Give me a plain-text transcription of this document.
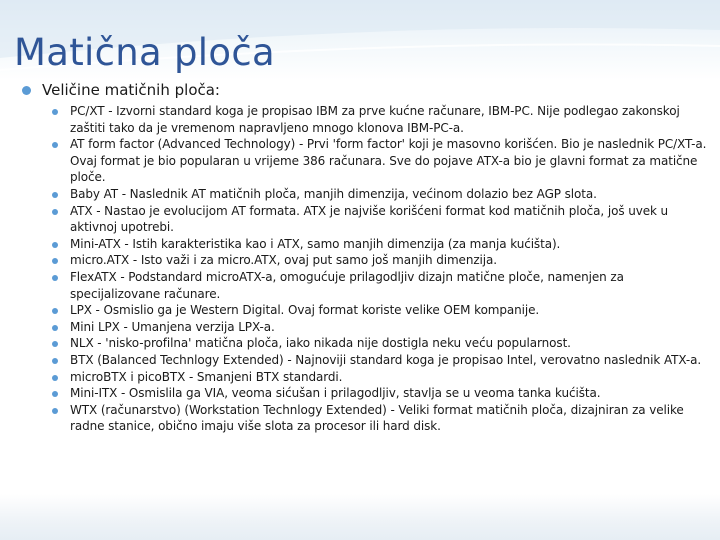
Matična ploča
Veličine matičnih ploča:
PC/XT - Izvorni standard koga je propisao IBM za prve kućne računare, IBM-PC. Nije podlegao zakonskoj zaštiti tako da je vremenom napravljeno mnogo klonova IBM-PC-a.
AT form factor (Advanced Technology) - Prvi 'form factor' koji je masovno korišćen. Bio je naslednik PC/XT-a. Ovaj format je bio popularan u vrijeme 386 računara. Sve do pojave ATX-a bio je glavni format za matične ploče.
Baby AT - Naslednik AT matičnih ploča, manjih dimenzija, većinom dolazio bez AGP slota.
ATX - Nastao je evolucijom AT formata. ATX je najviše korišćeni format kod matičnih ploča, još uvek u aktivnoj upotrebi.
Mini-ATX - Istih karakteristika kao i ATX, samo manjih dimenzija (za manja kućišta).
micro.ATX - Isto važi i za micro.ATX, ovaj put samo još manjih dimenzija.
FlexATX - Podstandard microATX-a, omogućuje prilagodljiv dizajn matične ploče, namenjen za specijalizovane računare.
LPX - Osmislio ga je Western Digital. Ovaj format koriste velike OEM kompanije.
Mini LPX - Umanjena verzija LPX-a.
NLX - 'nisko-profilna' matična ploča, iako nikada nije dostigla neku veću popularnost.
BTX (Balanced Technlogy Extended) - Najnoviji standard koga je propisao Intel, verovatno naslednik ATX-a.
microBTX i picoBTX - Smanjeni BTX standardi.
Mini-ITX - Osmislila ga VIA, veoma sićušan i prilagodljiv, stavlja se u veoma tanka kućišta.
WTX (računarstvo) (Workstation Technlogy Extended) - Veliki format matičnih ploča, dizajniran za velike radne stanice, obično imaju više slota za procesor ili hard disk.
